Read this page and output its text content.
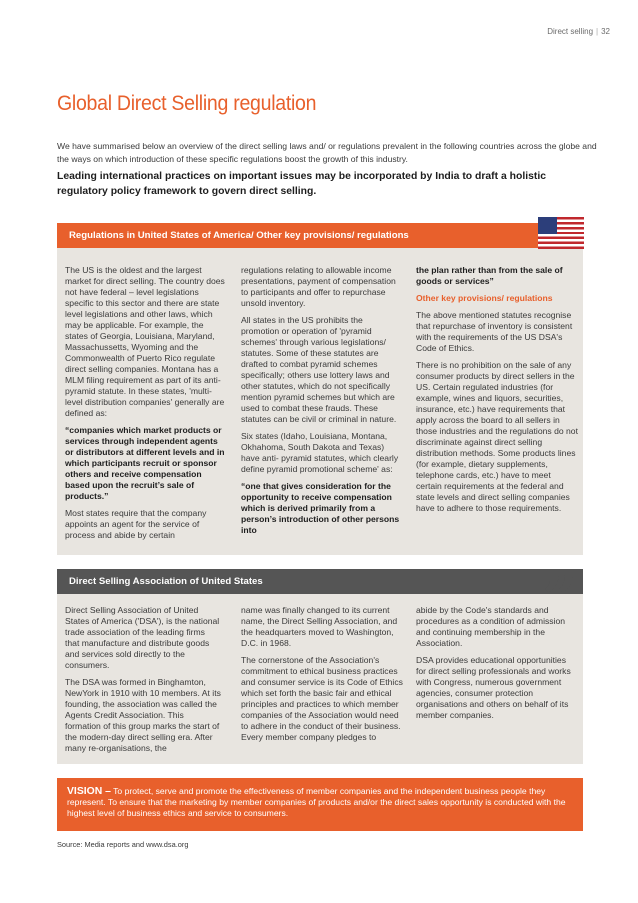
Direct selling | 32
Global Direct Selling regulation

We have summarised below an overview of the direct selling laws and/ or regulations prevalent in the following countries across the globe and the ways on which introduction of these specific regulations boost the growth of this industry.

Leading international practices on important issues may be incorporated by India to draft a holistic regulatory policy framework to govern direct selling.

Regulations in United States of America/ Other key provisions/ regulations

The US is the oldest and the largest market for direct selling. The country does not have federal – level legislations specific to this sector and there are state level legislations and other laws, which may be applicable. For example, the states of Georgia, Louisiana, Maryland, Massachussetts, Wyoming and the Commonwealth of Puerto Rico regulate direct selling companies. Montana has a MLM filing requirement as part of its anti-pyramid statute. In these states, 'multi-level distribution companies' generally are defined as:

“companies which market products or services through independent agents or distributors at different levels and in which participants recruit or sponsor others and receive compensation based upon the recruit’s sale of products.”

Most states require that the company appoints an agent for the service of process and abide by certain

regulations relating to allowable income presentations, payment of compensation to participants and offer to repurchase unsold inventory.

All states in the US prohibits the promotion or operation of 'pyramid schemes' through various legislations/ statutes. Some of these statutes are drafted to combat pyramid schemes specifically; others use lottery laws and other statutes, which do not specifically mention pyramid schemes but which are used to combat these frauds. These statutes can be civil or criminal in nature.

Six states (Idaho, Louisiana, Montana, Okhahoma, South Dakota and Texas) have anti- pyramid statutes, which clearly define pyramid promotional scheme' as:

“one that gives consideration for the opportunity to receive compensation which is derived primarily from a person’s introduction of other persons into

the plan rather than from the sale of goods or services”

Other key provisions/ regulations

The above mentioned statutes recognise that repurchase of inventory is consistent with the requirements of the US DSA's Code of Ethics.

There is no prohibition on the sale of any consumer products by direct sellers in the US. Certain regulated industries (for example, wines and liquors, securities, insurance, etc.) have requirements that apply across the board to all sellers in those industries and the regulations do not discriminate against direct selling distribution methods. Some products lines (for example, dietary supplements, telephone cards, etc.) have to meet certain requirements at the federal and state levels and direct selling companies have to adhere to those requirements.

Direct Selling Association of United States

Direct Selling Association of United States of America ('DSA'), is the national trade association of the leading firms that manufacture and distribute goods and services sold directly to the consumers.

The DSA was formed in Binghamton, NewYork in 1910 with 10 members. At its founding, the association was called the Agents Credit Association. This formation of this group marks the start of the modern-day direct selling era. After many re-organisations, the

name was finally changed to its current name, the Direct Selling Association, and the headquarters moved to Washington, D.C. in 1968.

The cornerstone of the Association's commitment to ethical business practices and consumer service is its Code of Ethics which set forth the basic fair and ethical principles and practices to which member companies of the Association would need to adhere in the conduct of their business. Every member company pledges to

abide by the Code's standards and procedures as a condition of admission and continuing membership in the Association.

DSA provides educational opportunities for direct selling professionals and works with Congress, numerous government agencies, consumer protection organisations and others on behalf of its member companies.

”
VISION – To protect, serve and promote the effectiveness of member companies and the independent business people they represent. To ensure that the marketing by member companies of products and/or the direct sales opportunity is conducted with the highest level of business ethics and service to consumers.
Source: Media reports and www.dsa.org
